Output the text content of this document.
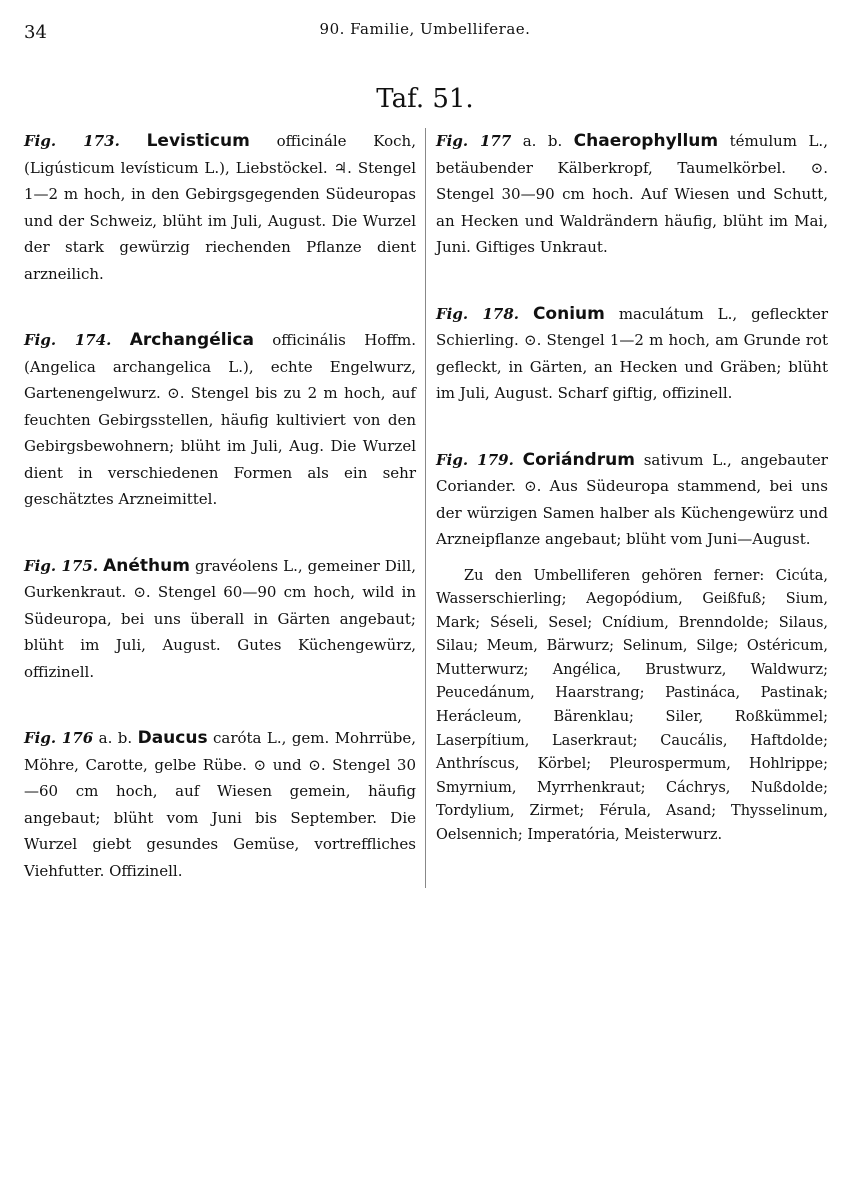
34	90. Familie, Umbelliferae.
Taf. 51.

Fig. 173. Levisticum officinále Koch, (Ligústicum levísticum L.), Liebstöckel. ♃. Stengel 1—2 m hoch, in den Gebirgsgegenden Südeuropas und der Schweiz, blüht im Juli, August. Die Wurzel der stark gewürzig riechenden Pflanze dient arzneilich.

Fig. 174. Archangélica officinális Hoffm. (Angelica archangelica L.), echte Engelwurz, Gartenengelwurz. ⊙. Stengel bis zu 2 m hoch, auf feuchten Gebirgsstellen, häufig kultiviert von den Gebirgsbewohnern; blüht im Juli, Aug. Die Wurzel dient in verschiedenen Formen als ein sehr geschätztes Arzneimittel.

Fig. 175. Anéthum gravéolens L., gemeiner Dill, Gurkenkraut. ⊙. Stengel 60—90 cm hoch, wild in Südeuropa, bei uns überall in Gärten angebaut; blüht im Juli, August. Gutes Küchengewürz, offizinell.

Fig. 176 a. b. Daucus caróta L., gem. Mohrrübe, Möhre, Carotte, gelbe Rübe. ⊙ und ⊙. Stengel 30—60 cm hoch, auf Wiesen gemein, häufig angebaut; blüht vom Juni bis September. Die Wurzel giebt gesundes Gemüse, vortreffliches Viehfutter. Offizinell.

Fig. 177 a. b. Chaerophyllum témulum L., betäubender Kälberkropf, Taumelkörbel. ⊙. Stengel 30—90 cm hoch. Auf Wiesen und Schutt, an Hecken und Waldrändern häufig, blüht im Mai, Juni. Giftiges Unkraut.

Fig. 178. Conium maculátum L., gefleckter Schierling. ⊙. Stengel 1—2 m hoch, am Grunde rot gefleckt, in Gärten, an Hecken und Gräben; blüht im Juli, August. Scharf giftig, offizinell.

Fig. 179. Coriándrum sativum L., angebauter Coriander. ⊙. Aus Südeuropa stammend, bei uns der würzigen Samen halber als Küchengewürz und Arzneipflanze angebaut; blüht vom Juni—August.

Zu den Umbelliferen gehören ferner: Cicúta, Wasserschierling; Aegopódium, Geißfuß; Sium, Mark; Séseli, Sesel; Cnídium, Brenndolde; Silaus, Silau; Meum, Bärwurz; Selinum, Silge; Ostéricum, Mutterwurz; Angélica, Brustwurz, Waldwurz; Peucedánum, Haarstrang; Pastináca, Pastinak; Heráclеum, Bärenklau; Siler, Roßkümmel; Laserpítium, Laserkraut; Caucális, Haftdolde; Anthríscus, Körbel; Pleurospermum, Hohlrippe; Smyrnium, Myrrhenkraut; Cáchrys, Nußdolde; Tordylium, Zirmet; Férula, Asand; Thysselinum, Oelsennich; Imperatória, Meisterwurz.
